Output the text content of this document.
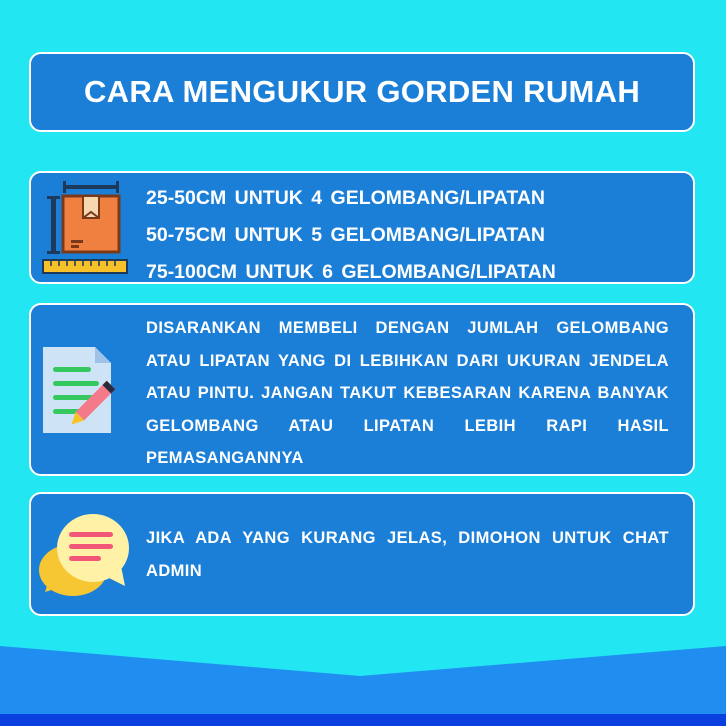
CARA MENGUKUR GORDEN RUMAH
25-50CM UNTUK 4 GELOMBANG/LIPATAN
50-75CM UNTUK 5 GELOMBANG/LIPATAN
75-100CM UNTUK 6 GELOMBANG/LIPATAN
DISARANKAN MEMBELI DENGAN JUMLAH GELOMBANG ATAU LIPATAN YANG DI LEBIHKAN DARI UKURAN JENDELA ATAU PINTU. JANGAN TAKUT KEBESARAN KARENA BANYAK GELOMBANG ATAU LIPATAN LEBIH RAPI HASIL PEMASANGANNYA
JIKA ADA YANG KURANG JELAS, DIMOHON UNTUK CHAT ADMIN
